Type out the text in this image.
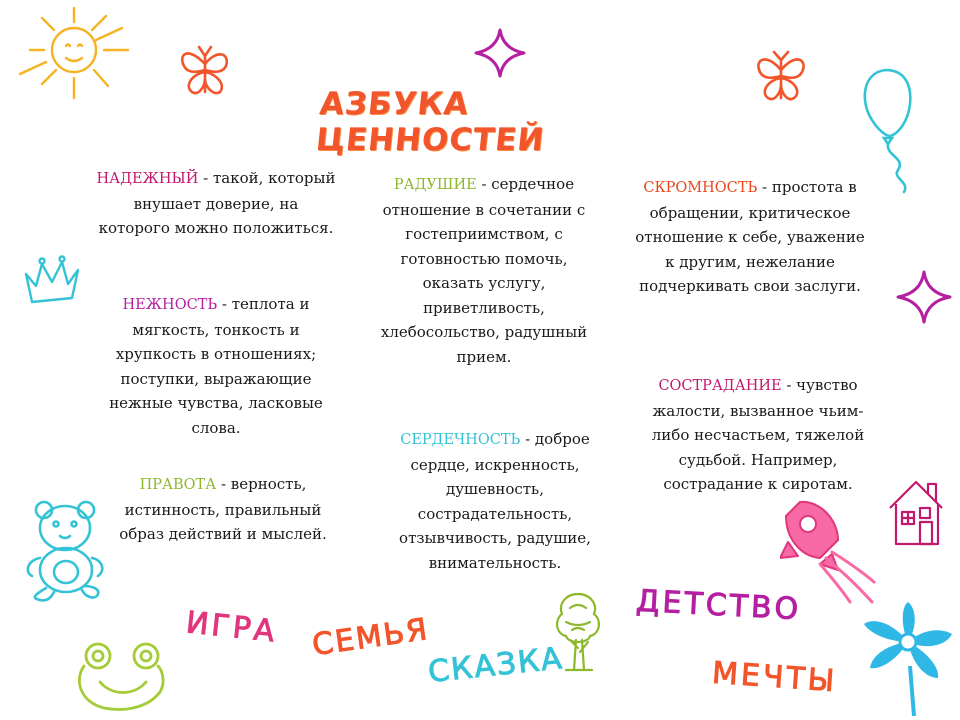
АЗБУКА ЦЕННОСТЕЙ
НАДЕЖНЫЙ - такой, который внушает доверие, на которого можно положиться.
НЕЖНОСТЬ - теплота и мягкость, тонкость и хрупкость в отношениях; поступки, выражающие нежные чувства, ласковые слова.
ПРАВОТА - верность, истинность, правильный образ действий и мыслей.
РАДУШИЕ - сердечное отношение в сочетании с гостеприимством, с готовностью помочь, оказать услугу, приветливость, хлебосольство, радушный прием.
СЕРДЕЧНОСТЬ - доброе сердце, искренность, душевность, сострадательность, отзывчивость, радушие, внимательность.
СКРОМНОСТЬ - простота в обращении, критическое отношение к себе, уважение к другим, нежелание подчеркивать свои заслуги.
СОСТРАДАНИЕ - чувство жалости, вызванное чьим-либо несчастьем, тяжелой судьбой. Например, сострадание к сиротам.
ИГРА СЕМЬЯ
СКАЗКА
ДЕТСТВО
МЕЧТЫ
